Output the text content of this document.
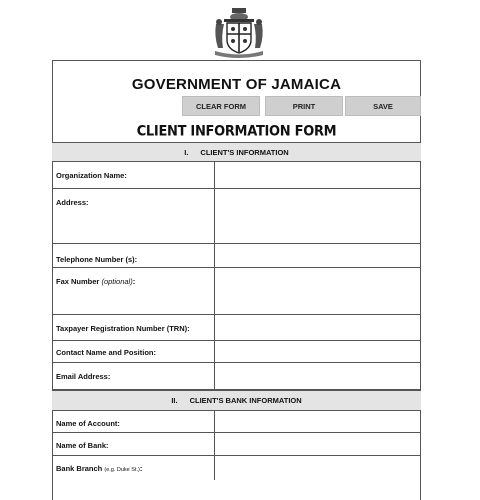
GOVERNMENT OF JAMAICA
CLEAR FORM	PRINT	SAVE
CLIENT INFORMATION FORM
I. CLIENT'S INFORMATION
Organization Name:
Address:
Telephone Number (s):
Fax Number (optional):
Taxpayer Registration Number (TRN):
Contact Name and Position:
Email Address:
II. CLIENT'S BANK INFORMATION
Name of Account:
Name of Bank:
Bank Branch (e.g. Duke St.):
